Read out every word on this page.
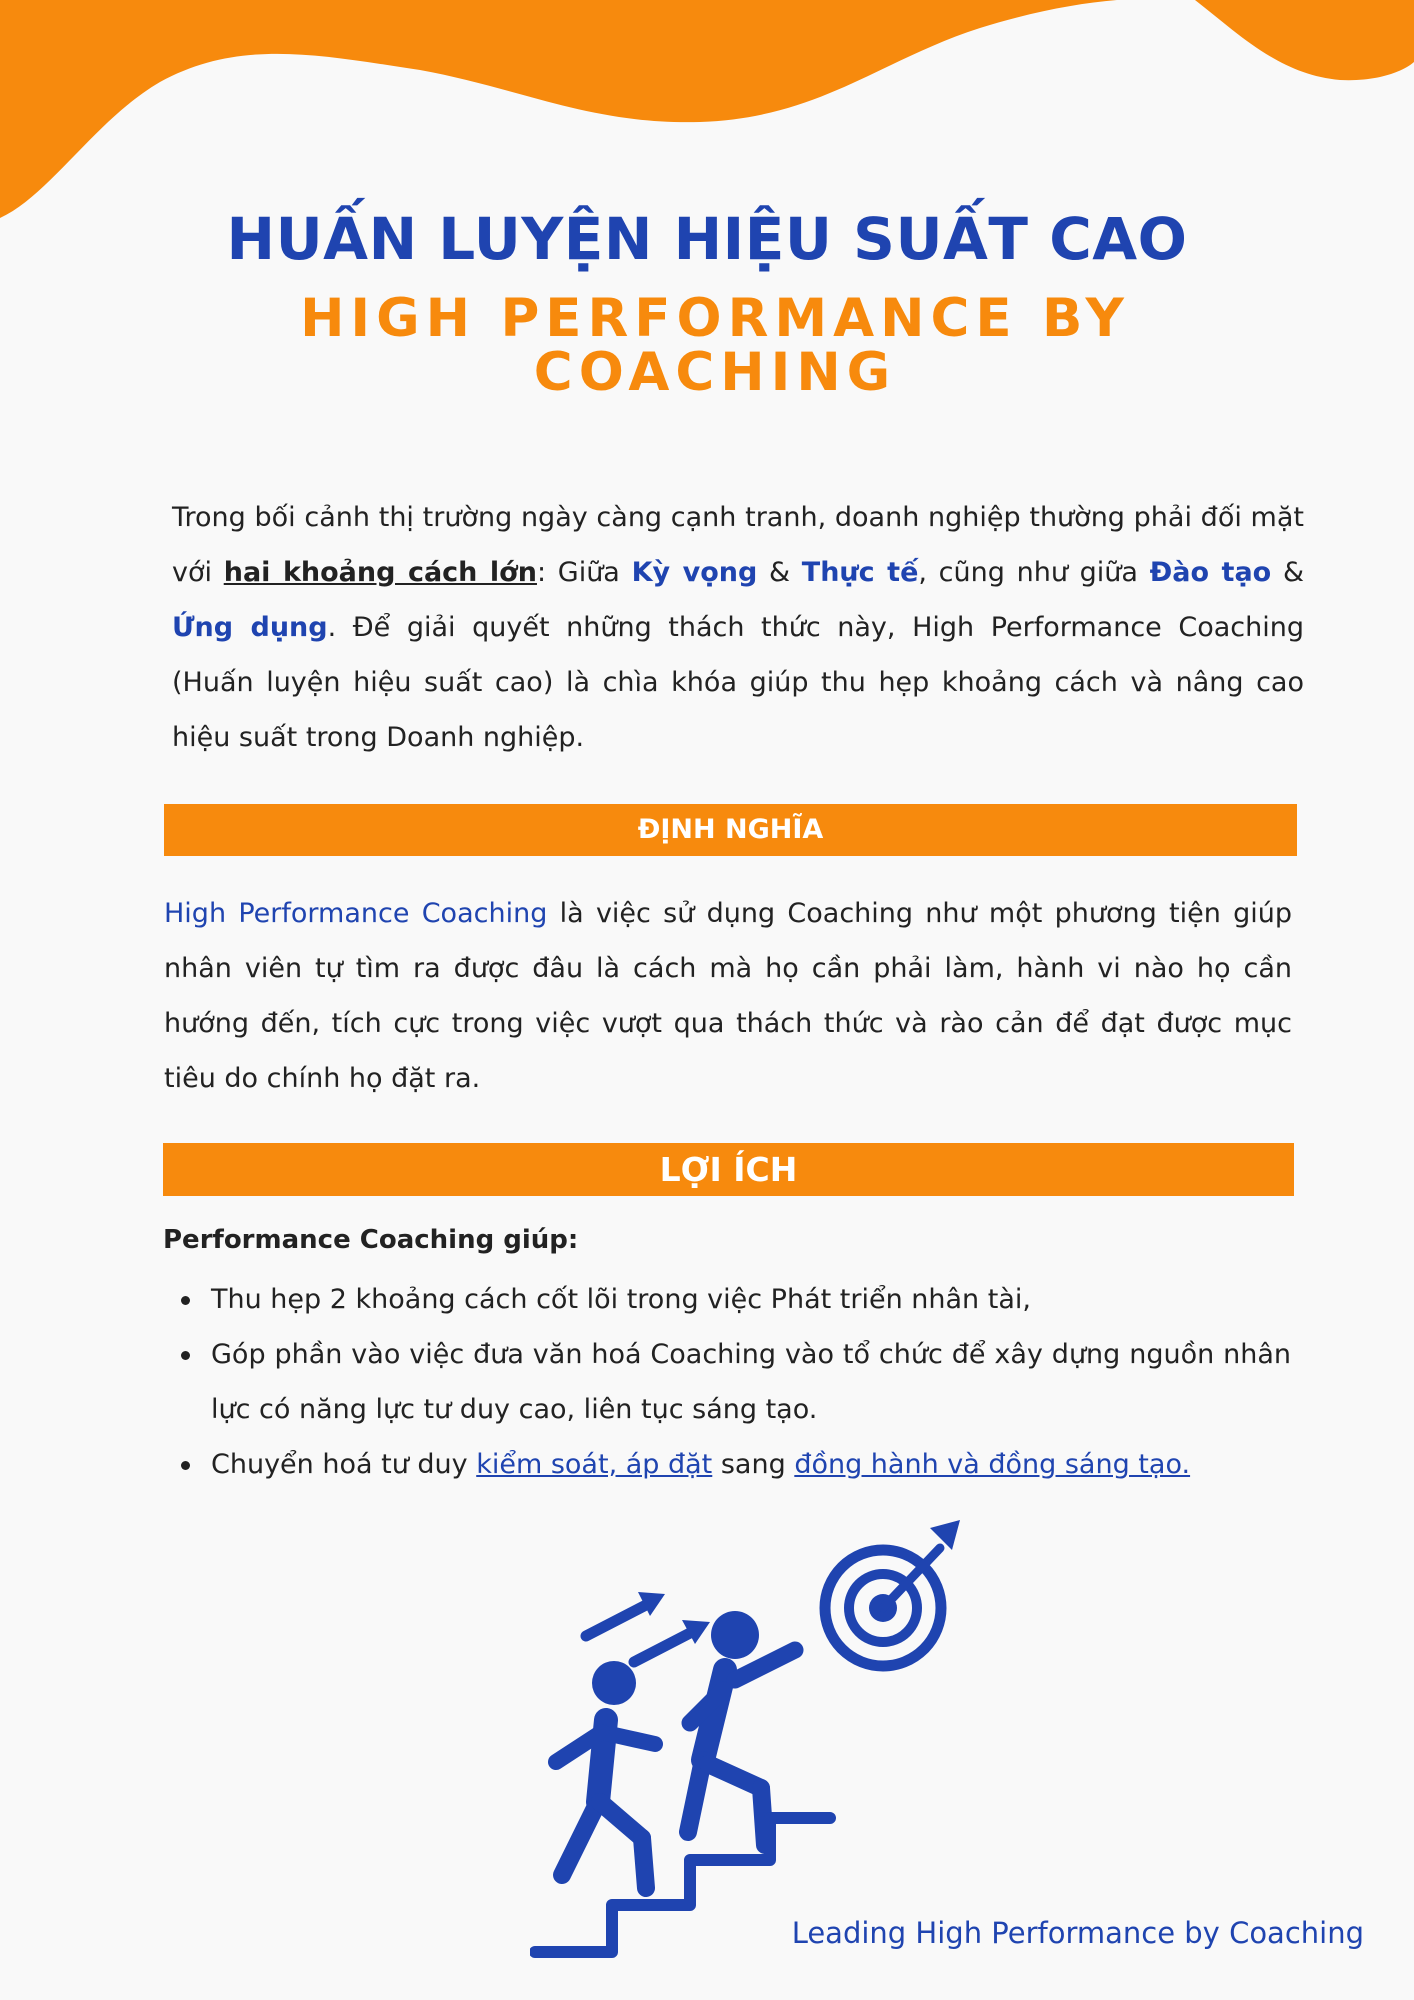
HUẤN LUYỆN HIỆU SUẤT CAO
HIGH PERFORMANCE BY COACHING

Trong bối cảnh thị trường ngày càng cạnh tranh, doanh nghiệp thường phải đối mặt với hai khoảng cách lớn: Giữa Kỳ vọng & Thực tế, cũng như giữa Đào tạo & Ứng dụng. Để giải quyết những thách thức này, High Performance Coaching (Huấn luyện hiệu suất cao) là chìa khóa giúp thu hẹp khoảng cách và nâng cao hiệu suất trong Doanh nghiệp.

ĐỊNH NGHĨA

High Performance Coaching là việc sử dụng Coaching như một phương tiện giúp nhân viên tự tìm ra được đâu là cách mà họ cần phải làm, hành vi nào họ cần hướng đến, tích cực trong việc vượt qua thách thức và rào cản để đạt được mục tiêu do chính họ đặt ra.

LỢI ÍCH
Performance Coaching giúp:
Thu hẹp 2 khoảng cách cốt lõi trong việc Phát triển nhân tài,
Góp phần vào việc đưa văn hoá Coaching vào tổ chức để xây dựng nguồn nhân lực có năng lực tư duy cao, liên tục sáng tạo.
Chuyển hoá tư duy kiểm soát, áp đặt sang đồng hành và đồng sáng tạo.
Leading High Performance by Coaching
